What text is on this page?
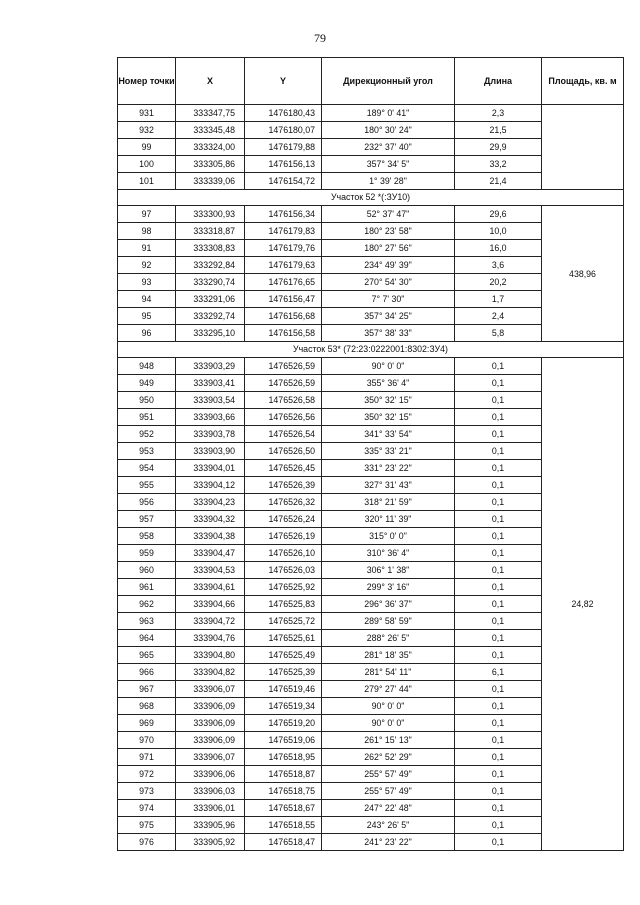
79
Номер точки	X	Y	Дирекционный угол	Длина	Площадь, кв. м
931	333347,75	1476180,43	189° 0' 41"	2,3	
932	333345,48	1476180,07	180° 30' 24"	21,5	
99	333324,00	1476179,88	232° 37' 40"	29,9	
100	333305,86	1476156,13	357° 34' 5"	33,2	
101	333339,06	1476154,72	1° 39' 28"	21,4	
Участок 52 *(:ЗУ10)					
97	333300,93	1476156,34	52° 37' 47"	29,6	438,96
98	333318,87	1476179,83	180° 23' 58"	10,0	
91	333308,83	1476179,76	180° 27' 56"	16,0	
92	333292,84	1476179,63	234° 49' 39"	3,6	
93	333290,74	1476176,65	270° 54' 30"	20,2	
94	333291,06	1476156,47	7° 7' 30"	1,7	
95	333292,74	1476156,68	357° 34' 25"	2,4	
96	333295,10	1476156,58	357° 38' 33"	5,8	
Участок 53* (72:23:0222001:8302:ЗУ4)					
948	333903,29	1476526,59	90° 0' 0"	0,1	24,82
949	333903,41	1476526,59	355° 36' 4"	0,1	
950	333903,54	1476526,58	350° 32' 15"	0,1	
951	333903,66	1476526,56	350° 32' 15"	0,1	
952	333903,78	1476526,54	341° 33' 54"	0,1	
953	333903,90	1476526,50	335° 33' 21"	0,1	
954	333904,01	1476526,45	331° 23' 22"	0,1	
955	333904,12	1476526,39	327° 31' 43"	0,1	
956	333904,23	1476526,32	318° 21' 59"	0,1	
957	333904,32	1476526,24	320° 11' 39"	0,1	
958	333904,38	1476526,19	315° 0' 0"	0,1	
959	333904,47	1476526,10	310° 36' 4"	0,1	
960	333904,53	1476526,03	306° 1' 38"	0,1	
961	333904,61	1476525,92	299° 3' 16"	0,1	
962	333904,66	1476525,83	296° 36' 37"	0,1	
963	333904,72	1476525,72	289° 58' 59"	0,1	
964	333904,76	1476525,61	288° 26' 5"	0,1	
965	333904,80	1476525,49	281° 18' 35"	0,1	
966	333904,82	1476525,39	281° 54' 11"	6,1	
967	333906,07	1476519,46	279° 27' 44"	0,1	
968	333906,09	1476519,34	90° 0' 0"	0,1	
969	333906,09	1476519,20	90° 0' 0"	0,1	
970	333906,09	1476519,06	261° 15' 13"	0,1	
971	333906,07	1476518,95	262° 52' 29"	0,1	
972	333906,06	1476518,87	255° 57' 49"	0,1	
973	333906,03	1476518,75	255° 57' 49"	0,1	
974	333906,01	1476518,67	247° 22' 48"	0,1	
975	333905,96	1476518,55	243° 26' 5"	0,1	
976	333905,92	1476518,47	241° 23' 22"	0,1	
